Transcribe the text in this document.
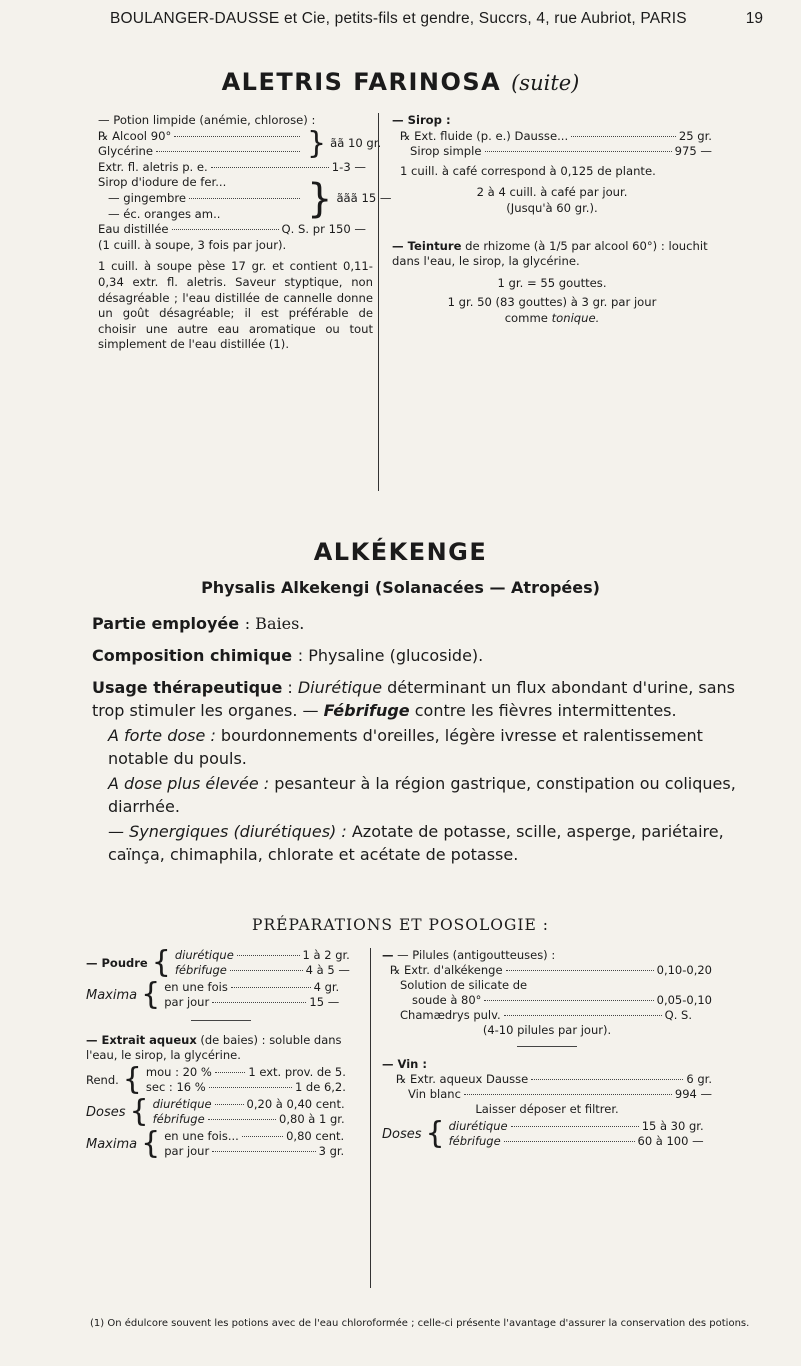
BOULANGER-DAUSSE et Cie, petits-fils et gendre, Succrs, 4, rue Aubriot, PARIS	19
ALETRIS FARINOSA (suite)
— Potion limpide (anémie, chlorose) :
℞ Alcool 90°
Glycérine	} ãã 10 gr.
Extr. fl. aletris p. e.	1-3 —
Sirop d'iodure de fer...
— gingembre
— éc. oranges am.. } ããã 15 —
Eau distillée	Q. S. pr 150 —
(1 cuill. à soupe, 3 fois par jour).
1 cuill. à soupe pèse 17 gr. et contient 0,11-0,34 extr. fl. aletris. Saveur styptique, non désagréable ; l'eau distillée de cannelle donne un goût désagréable; il est préférable de choisir une autre eau aromatique ou tout simplement de l'eau distillée (1).
— Sirop :
℞ Ext. fluide (p. e.) Dausse...	25 gr.
Sirop simple	975 —
1 cuill. à café correspond à 0,125 de plante.
2 à 4 cuill. à café par jour.
(Jusqu'à 60 gr.).
— Teinture de rhizome (à 1/5 par alcool 60°) : louchit dans l'eau, le sirop, la glycérine.
1 gr. = 55 gouttes.
1 gr. 50 (83 gouttes) à 3 gr. par jour
comme tonique.
ALKÉKENGE
Physalis Alkekengi (Solanacées — Atropées)

Partie employée : Baies.

Composition chimique : Physaline (glucoside).

Usage thérapeutique : Diurétique déterminant un flux abondant d'urine, sans trop stimuler les organes. — Fébrifuge contre les fièvres intermittentes.

A forte dose : bourdonnements d'oreilles, légère ivresse et ralentissement notable du pouls.

A dose plus élevée : pesanteur à la région gastrique, constipation ou coliques, diarrhée.

— Synergiques (diurétiques) : Azotate de potasse, scille, asperge, pariétaire, caïnça, chimaphila, chlorate et acétate de potasse.

PRÉPARATIONS ET POSOLOGIE :
— Poudre { diurétique	1 à 2 gr.
fébrifuge	4 à 5 —
Maxima { en une fois	4 gr.
par jour	15 —
— Extrait aqueux (de baies) : soluble dans l'eau, le sirop, la glycérine.
Rend. { mou : 20 %	1 ext. prov. de 5.
sec : 16 %	1 de 6,2.
Doses { diurétique	0,20 à 0,40 cent.
fébrifuge	0,80 à 1 gr.
Maxima { en une fois...	0,80 cent.
par jour	3 gr.
— — Pilules (antigoutteuses) :
℞ Extr. d'alkékenge	0,10-0,20
Solution de silicate de
soude à 80°	0,05-0,10
Chamædrys pulv.	Q. S.
(4-10 pilules par jour).
— Vin :
℞ Extr. aqueux Dausse	6 gr.
Vin blanc	994 —
Laisser déposer et filtrer.
Doses { diurétique	15 à 30 gr.
fébrifuge	60 à 100 —
(1) On édulcore souvent les potions avec de l'eau chloroformée ; celle-ci présente l'avantage d'assurer la conservation des potions.
